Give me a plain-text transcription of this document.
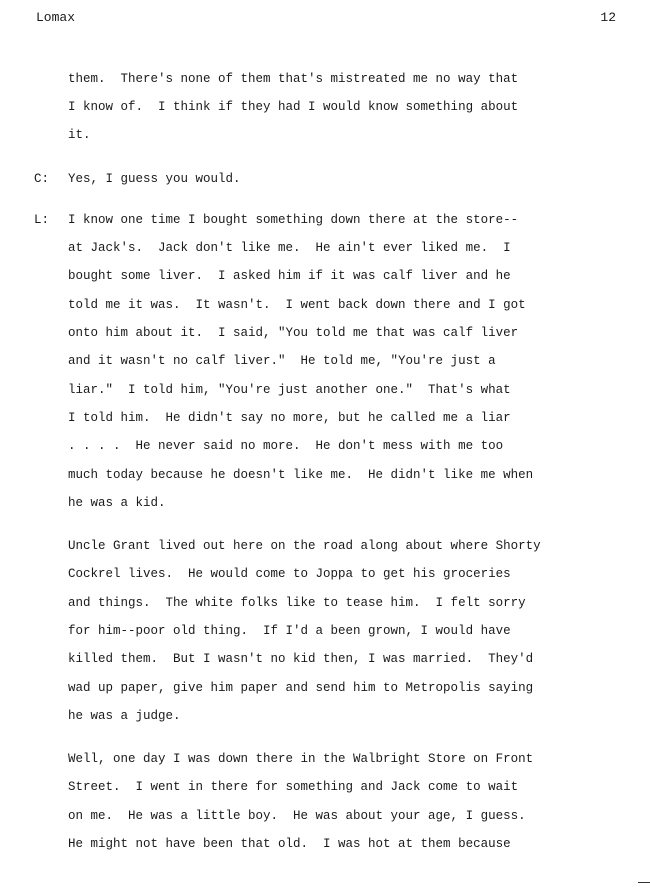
Lomax	12
them.  There's none of them that's mistreated me no way that
I know of.  I think if they had I would know something about
it.
C: Yes, I guess you would.
L: I know one time I bought something down there at the store--
at Jack's.  Jack don't like me.  He ain't ever liked me.  I
bought some liver.  I asked him if it was calf liver and he
told me it was.  It wasn't.  I went back down there and I got
onto him about it.  I said, "You told me that was calf liver
and it wasn't no calf liver."  He told me, "You're just a
liar."  I told him, "You're just another one."  That's what
I told him.  He didn't say no more, but he called me a liar
. . . .  He never said no more.  He don't mess with me too
much today because he doesn't like me.  He didn't like me when
he was a kid.
Uncle Grant lived out here on the road along about where Shorty
Cockrel lives.  He would come to Joppa to get his groceries
and things.  The white folks like to tease him.  I felt sorry
for him--poor old thing.  If I'd a been grown, I would have
killed them.  But I wasn't no kid then, I was married.  They'd
wad up paper, give him paper and send him to Metropolis saying
he was a judge.
Well, one day I was down there in the Walbright Store on Front
Street.  I went in there for something and Jack come to wait
on me.  He was a little boy.  He was about your age, I guess.
He might not have been that old.  I was hot at them because
